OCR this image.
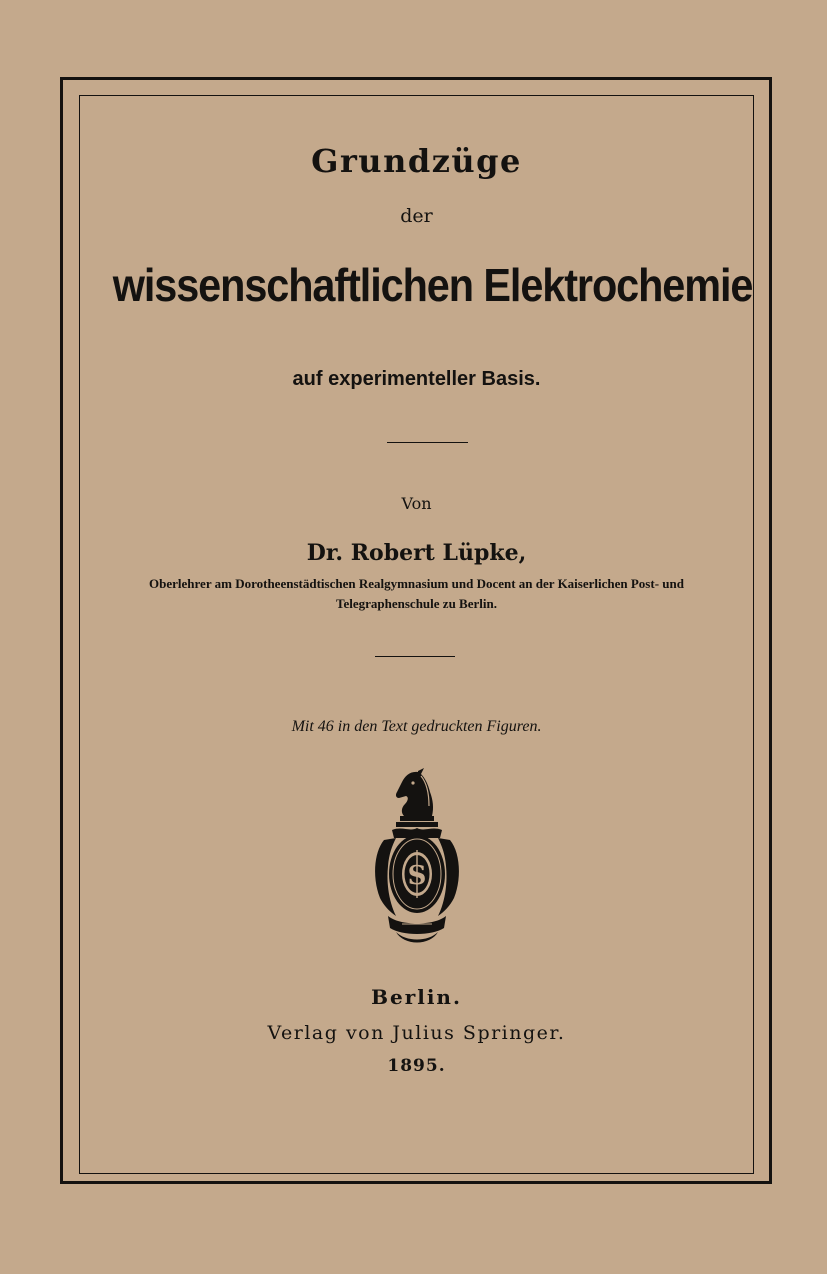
Grundzüge
der
wissenschaftlichen Elektrochemie
auf experimenteller Basis.
Von
Dr. Robert Lüpke,
Oberlehrer am Dorotheenstädtischen Realgymnasium und Docent an der Kaiserlichen Post- und
Telegraphenschule zu Berlin.
Mit 46 in den Text gedruckten Figuren.
S
Berlin.
Verlag von Julius Springer.
1895.
